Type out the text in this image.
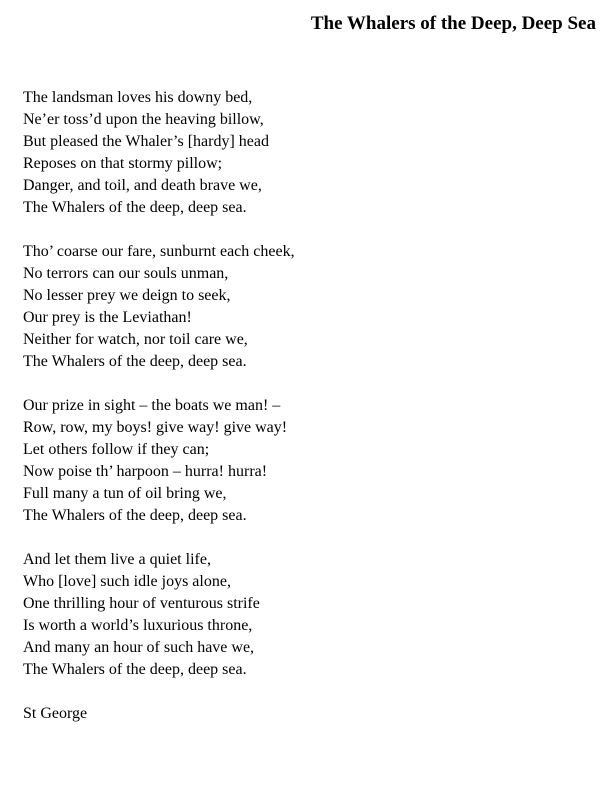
The Whalers of the Deep, Deep Sea
The landsman loves his downy bed,
Ne’er toss’d upon the heaving billow,
But pleased the Whaler’s [hardy] head
Reposes on that stormy pillow;
Danger, and toil, and death brave we,
The Whalers of the deep, deep sea.
Tho’ coarse our fare, sunburnt each cheek,
No terrors can our souls unman,
No lesser prey we deign to seek,
Our prey is the Leviathan!
Neither for watch, nor toil care we,
The Whalers of the deep, deep sea.
Our prize in sight – the boats we man! –
Row, row, my boys! give way! give way!
Let others follow if they can;
Now poise th’ harpoon – hurra! hurra!
Full many a tun of oil bring we,
The Whalers of the deep, deep sea.
And let them live a quiet life,
Who [love] such idle joys alone,
One thrilling hour of venturous strife
Is worth a world’s luxurious throne,
And many an hour of such have we,
The Whalers of the deep, deep sea.
St George
